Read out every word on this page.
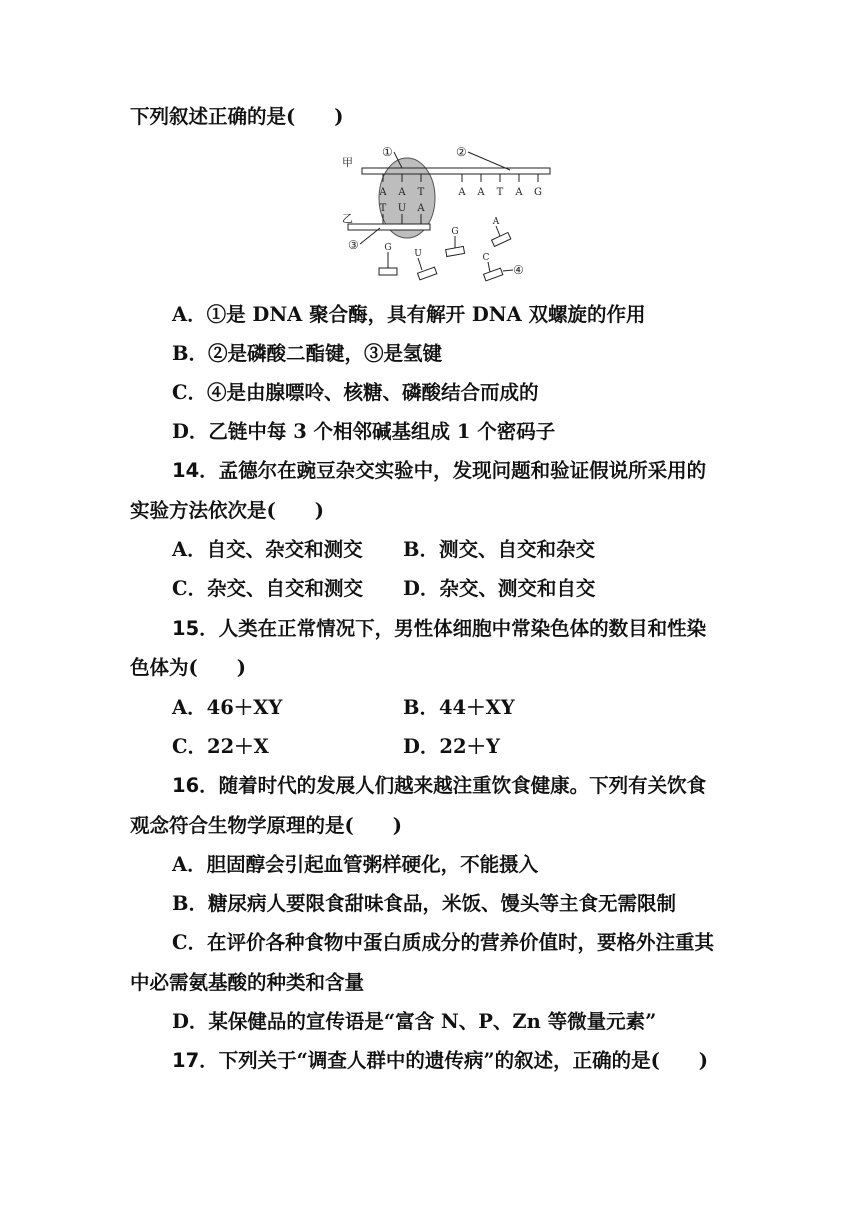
下列叙述正确的是(　　)
A A T	A A T A G
T U A
甲
乙
①	②
③	G
U
G
A
C
④
A．①是 DNA 聚合酶，具有解开 DNA 双螺旋的作用
B．②是磷酸二酯键，③是氢键
C．④是由腺嘌呤、核糖、磷酸结合而成的
D．乙链中每 3 个相邻碱基组成 1 个密码子
14．孟德尔在豌豆杂交实验中，发现问题和验证假说所采用的
实验方法依次是(　　)
A．自交、杂交和测交 B．测交、自交和杂交
C．杂交、自交和测交 D．杂交、测交和自交
15．人类在正常情况下，男性体细胞中常染色体的数目和性染
色体为(　　)
A．46＋XY	B．44＋XY
C．22＋X	D．22＋Y
16．随着时代的发展人们越来越注重饮食健康。下列有关饮食
观念符合生物学原理的是(　　)
A．胆固醇会引起血管粥样硬化，不能摄入
B．糖尿病人要限食甜味食品，米饭、馒头等主食无需限制
C．在评价各种食物中蛋白质成分的营养价值时，要格外注重其
中必需氨基酸的种类和含量
D．某保健品的宣传语是“富含 N、P、Zn 等微量元素”
17．下列关于“调查人群中的遗传病”的叙述，正确的是(　　)
